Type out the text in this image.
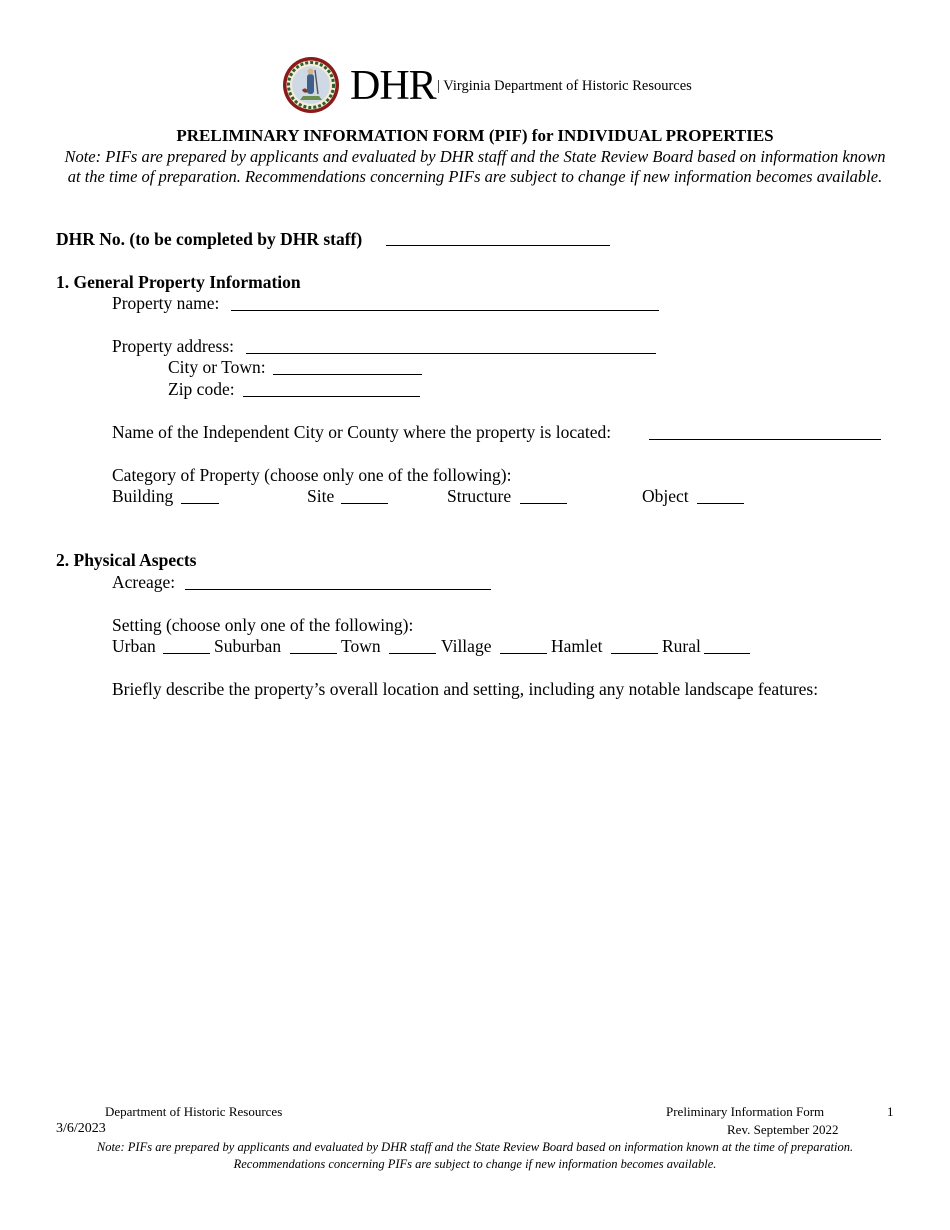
DHR | Virginia Department of Historic Resources
PRELIMINARY INFORMATION FORM (PIF) for INDIVIDUAL PROPERTIES
Note: PIFs are prepared by applicants and evaluated by DHR staff and the State Review Board based on information known at the time of preparation. Recommendations concerning PIFs are subject to change if new information becomes available.
DHR No. (to be completed by DHR staff)
1. General Property Information
Property name:
Property address:
City or Town:
Zip code:
Name of the Independent City or County where the property is located:
Category of Property (choose only one of the following):
Building	Site	Structure	Object
2. Physical Aspects
Acreage:
Setting (choose only one of the following):
Urban	Suburban	Town	Village	Hamlet	Rural
Briefly describe the property’s overall location and setting, including any notable landscape features:
Department of Historic Resources	Preliminary Information Form	1
3/6/2023	Rev. September 2022
Note: PIFs are prepared by applicants and evaluated by DHR staff and the State Review Board based on information known at the time of preparation.
Recommendations concerning PIFs are subject to change if new information becomes available.
